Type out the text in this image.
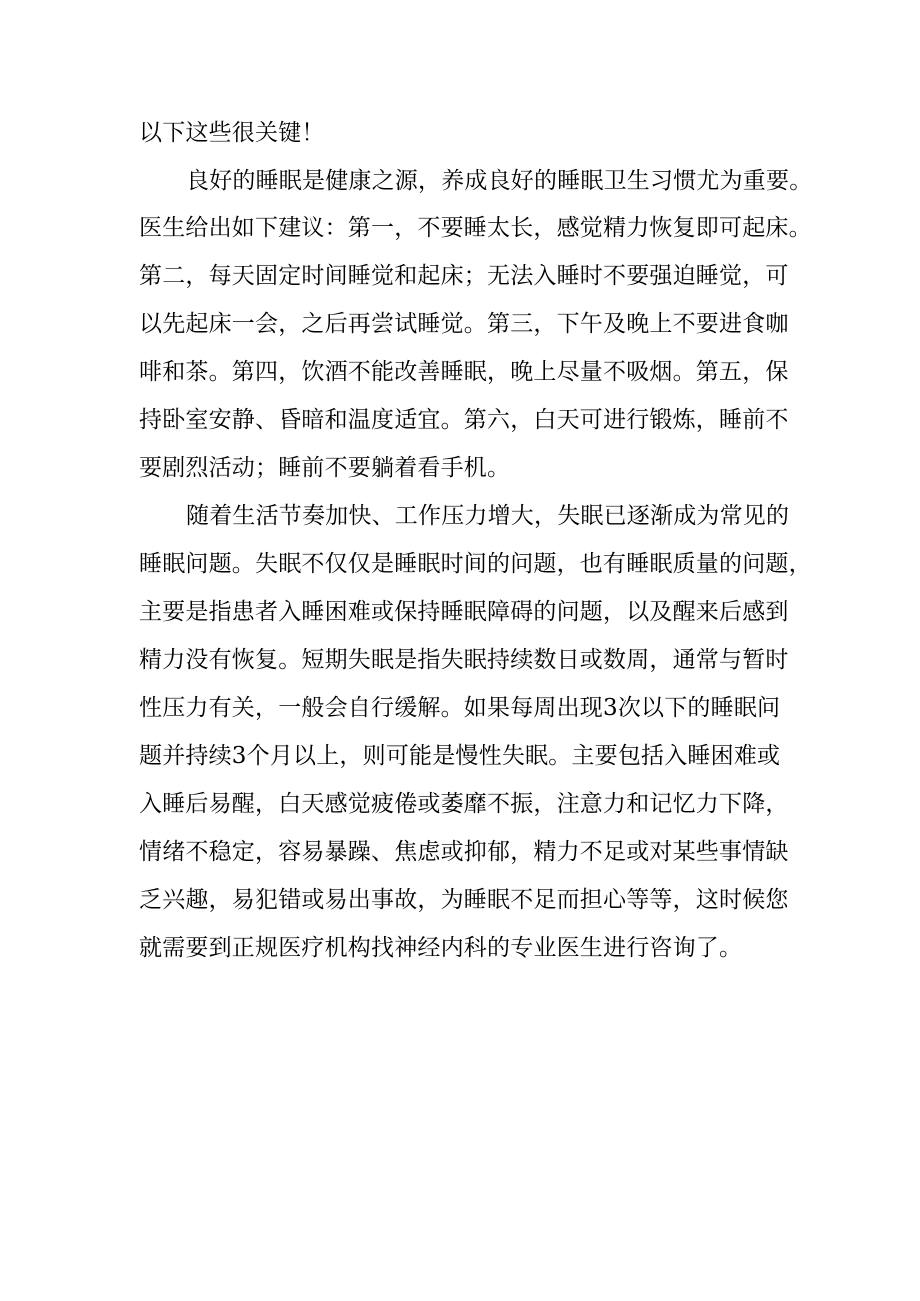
以下这些很关键！

良好的睡眠是健康之源，养成良好的睡眠卫生习惯尤为重要。

医生给出如下建议：第一，不要睡太长，感觉精力恢复即可起床。

第二，每天固定时间睡觉和起床；无法入睡时不要强迫睡觉，可

以先起床一会，之后再尝试睡觉。第三，下午及晚上不要进食咖

啡和茶。第四，饮酒不能改善睡眠，晚上尽量不吸烟。第五，保

持卧室安静、昏暗和温度适宜。第六，白天可进行锻炼，睡前不

要剧烈活动；睡前不要躺着看手机。

随着生活节奏加快、工作压力增大，失眠已逐渐成为常见的

睡眠问题。失眠不仅仅是睡眠时间的问题，也有睡眠质量的问题，

主要是指患者入睡困难或保持睡眠障碍的问题，以及醒来后感到

精力没有恢复。短期失眠是指失眠持续数日或数周，通常与暂时

性压力有关，一般会自行缓解。如果每周出现3次以下的睡眠问

题并持续3个月以上，则可能是慢性失眠。主要包括入睡困难或

入睡后易醒，白天感觉疲倦或萎靡不振，注意力和记忆力下降，

情绪不稳定，容易暴躁、焦虑或抑郁，精力不足或对某些事情缺

乏兴趣，易犯错或易出事故，为睡眠不足而担心等等，这时候您

就需要到正规医疗机构找神经内科的专业医生进行咨询了。
